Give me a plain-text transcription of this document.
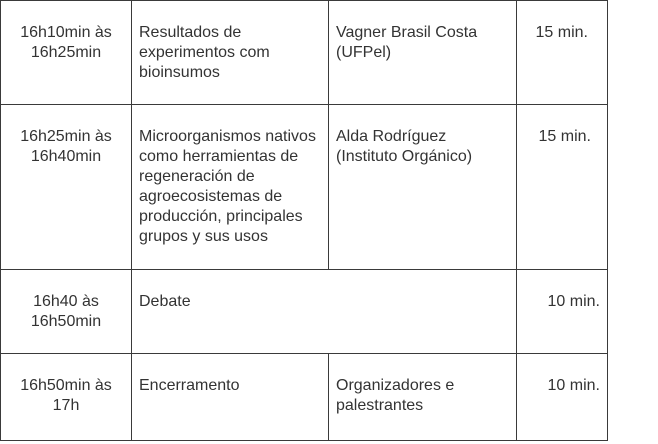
16h10min às 16h25min	Resultados de experimentos com bioinsumos	Vagner Brasil Costa (UFPel)	15 min.

16h25min às 16h40min	Microorganismos nativos como herramientas de regeneración de agroecosistemas de producción, principales grupos y sus usos	Alda Rodríguez (Instituto Orgánico)	15 min.

16h40 às 16h50min	Debate		10 min.

16h50min às 17h	Encerramento	Organizadores e palestrantes	10 min.
